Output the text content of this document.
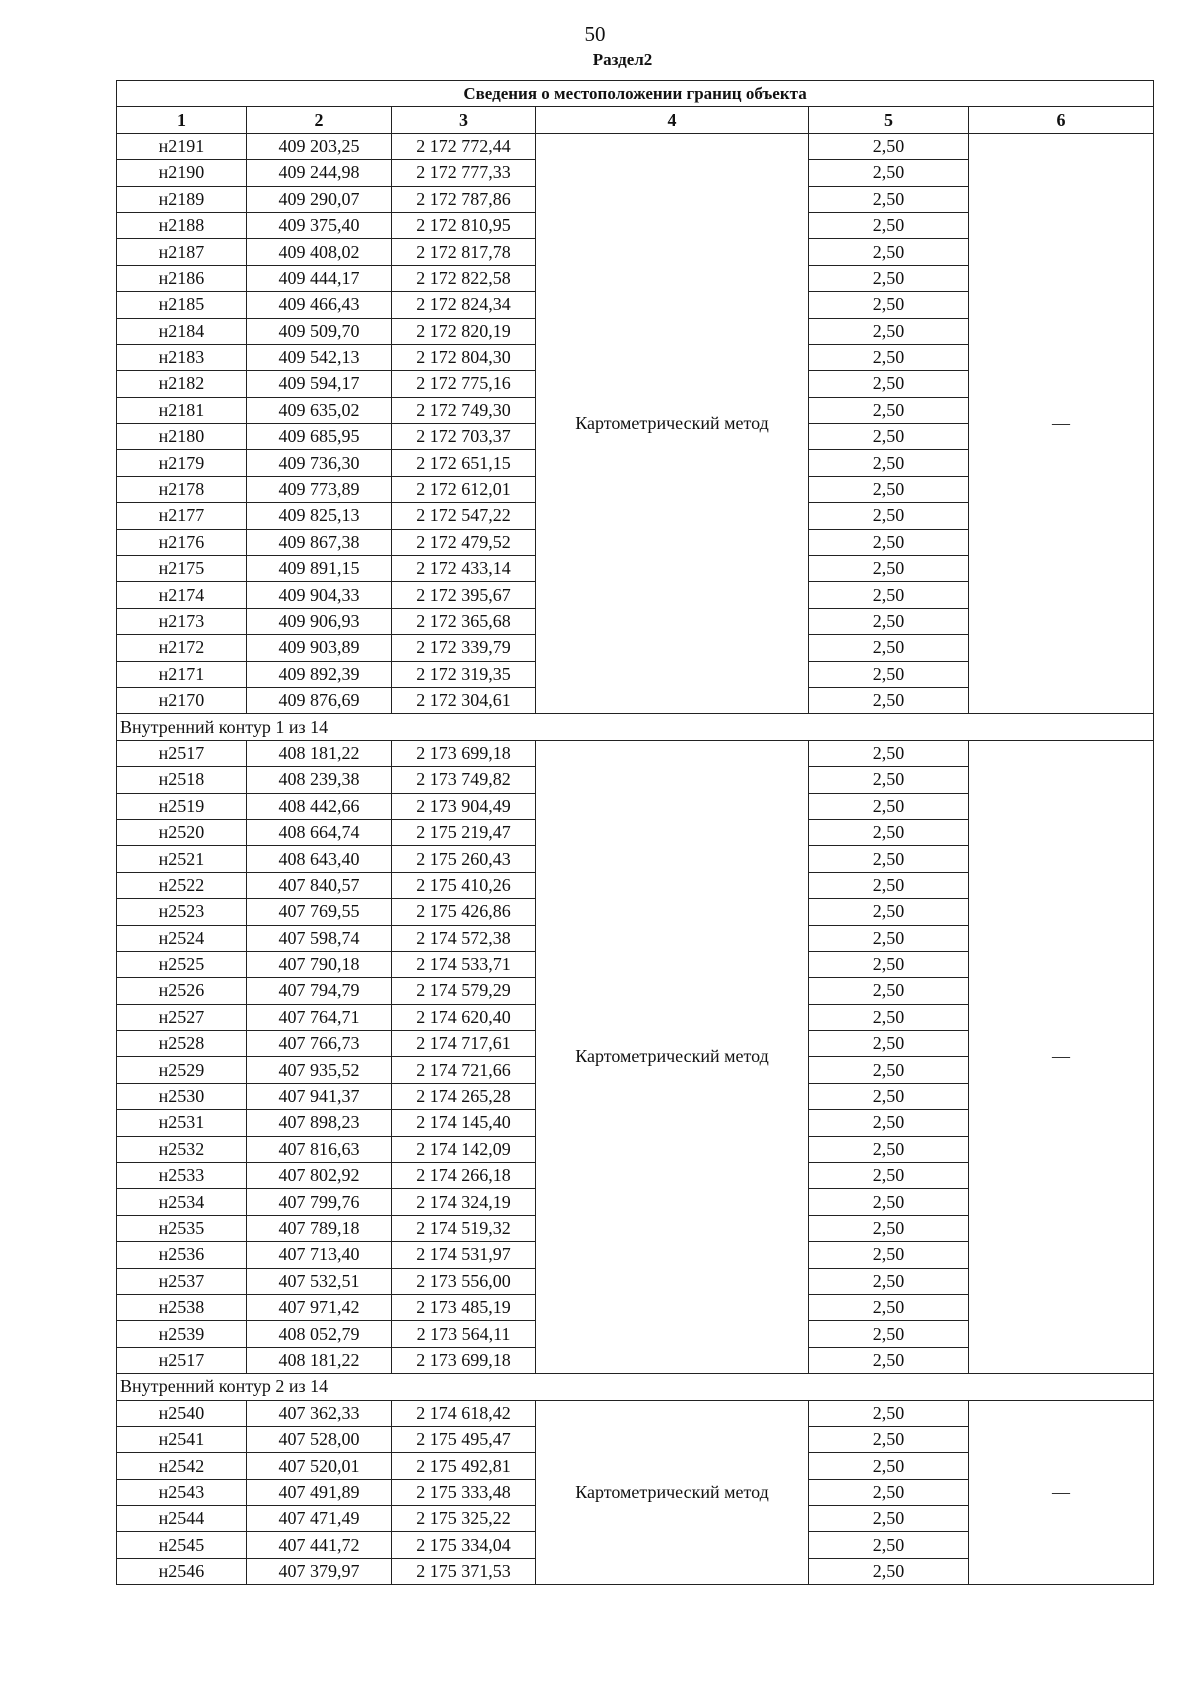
50
Раздел2
Сведения о местоположении границ объекта					
1	2	3	4	5	6
н2191	409 203,25	2 172 772,44	Картометрический метод	2,50	—
н2190	409 244,98	2 172 777,33		2,50	
н2189	409 290,07	2 172 787,86		2,50	
н2188	409 375,40	2 172 810,95		2,50	
н2187	409 408,02	2 172 817,78		2,50	
н2186	409 444,17	2 172 822,58		2,50	
н2185	409 466,43	2 172 824,34		2,50	
н2184	409 509,70	2 172 820,19		2,50	
н2183	409 542,13	2 172 804,30		2,50	
н2182	409 594,17	2 172 775,16		2,50	
н2181	409 635,02	2 172 749,30		2,50	
н2180	409 685,95	2 172 703,37		2,50	
н2179	409 736,30	2 172 651,15		2,50	
н2178	409 773,89	2 172 612,01		2,50	
н2177	409 825,13	2 172 547,22		2,50	
н2176	409 867,38	2 172 479,52		2,50	
н2175	409 891,15	2 172 433,14		2,50	
н2174	409 904,33	2 172 395,67		2,50	
н2173	409 906,93	2 172 365,68		2,50	
н2172	409 903,89	2 172 339,79		2,50	
н2171	409 892,39	2 172 319,35		2,50	
н2170	409 876,69	2 172 304,61		2,50	
Внутренний контур 1 из 14					
н2517	408 181,22	2 173 699,18	Картометрический метод	2,50	—
н2518	408 239,38	2 173 749,82		2,50	
н2519	408 442,66	2 173 904,49		2,50	
н2520	408 664,74	2 175 219,47		2,50	
н2521	408 643,40	2 175 260,43		2,50	
н2522	407 840,57	2 175 410,26		2,50	
н2523	407 769,55	2 175 426,86		2,50	
н2524	407 598,74	2 174 572,38		2,50	
н2525	407 790,18	2 174 533,71		2,50	
н2526	407 794,79	2 174 579,29		2,50	
н2527	407 764,71	2 174 620,40		2,50	
н2528	407 766,73	2 174 717,61		2,50	
н2529	407 935,52	2 174 721,66		2,50	
н2530	407 941,37	2 174 265,28		2,50	
н2531	407 898,23	2 174 145,40		2,50	
н2532	407 816,63	2 174 142,09		2,50	
н2533	407 802,92	2 174 266,18		2,50	
н2534	407 799,76	2 174 324,19		2,50	
н2535	407 789,18	2 174 519,32		2,50	
н2536	407 713,40	2 174 531,97		2,50	
н2537	407 532,51	2 173 556,00		2,50	
н2538	407 971,42	2 173 485,19		2,50	
н2539	408 052,79	2 173 564,11		2,50	
н2517	408 181,22	2 173 699,18		2,50	
Внутренний контур 2 из 14					
н2540	407 362,33	2 174 618,42	Картометрический метод	2,50	—
н2541	407 528,00	2 175 495,47		2,50	
н2542	407 520,01	2 175 492,81		2,50	
н2543	407 491,89	2 175 333,48		2,50	
н2544	407 471,49	2 175 325,22		2,50	
н2545	407 441,72	2 175 334,04		2,50	
н2546	407 379,97	2 175 371,53		2,50	
